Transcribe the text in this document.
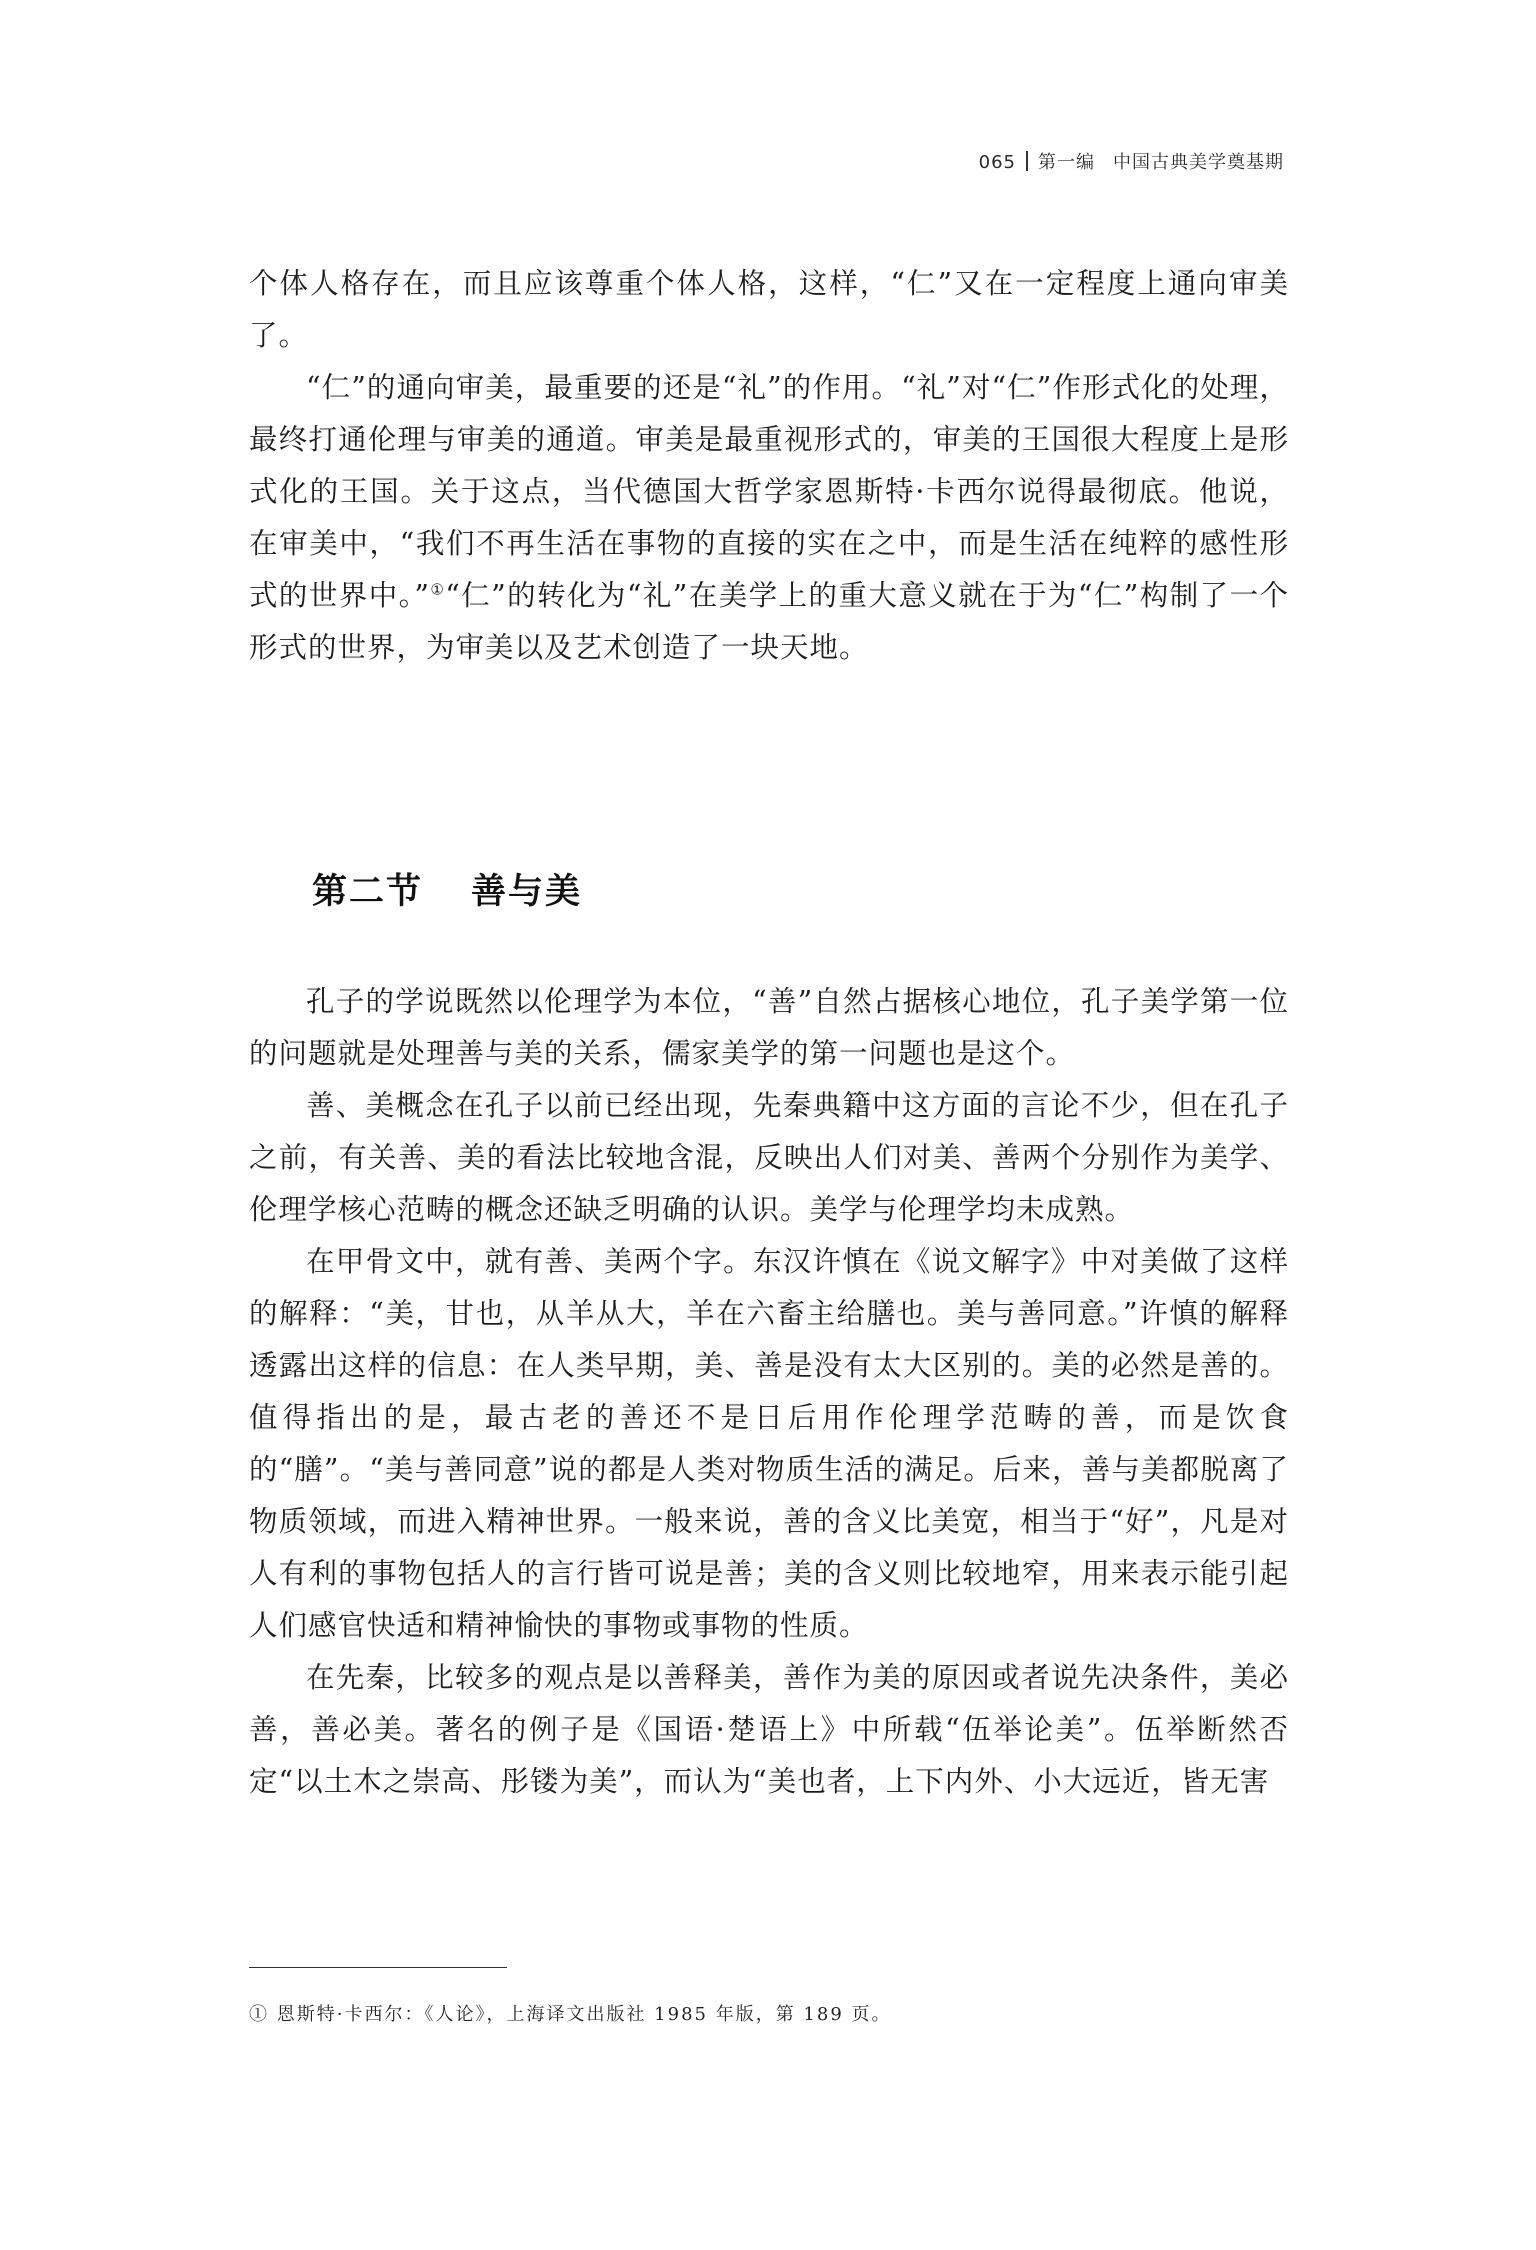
065 第一编 中国古典美学奠基期

个体人格存在，而且应该尊重个体人格，这样，“仁”又在一定程度上通向审美了。

“仁”的通向审美，最重要的还是“礼”的作用。“礼”对“仁”作形式化的处理，最终打通伦理与审美的通道。审美是最重视形式的，审美的王国很大程度上是形式化的王国。关于这点，当代德国大哲学家恩斯特·卡西尔说得最彻底。他说，在审美中，“我们不再生活在事物的直接的实在之中，而是生活在纯粹的感性形式的世界中。”①“仁”的转化为“礼”在美学上的重大意义就在于为“仁”构制了一个形式的世界，为审美以及艺术创造了一块天地。

第二节 善与美

孔子的学说既然以伦理学为本位，“善”自然占据核心地位，孔子美学第一位的问题就是处理善与美的关系，儒家美学的第一问题也是这个。

善、美概念在孔子以前已经出现，先秦典籍中这方面的言论不少，但在孔子之前，有关善、美的看法比较地含混，反映出人们对美、善两个分别作为美学、伦理学核心范畴的概念还缺乏明确的认识。美学与伦理学均未成熟。

在甲骨文中，就有善、美两个字。东汉许慎在《说文解字》中对美做了这样的解释：“美，甘也，从羊从大，羊在六畜主给膳也。美与善同意。”许慎的解释透露出这样的信息：在人类早期，美、善是没有太大区别的。美的必然是善的。值得指出的是，最古老的善还不是日后用作伦理学范畴的善，而是饮食的“膳”。“美与善同意”说的都是人类对物质生活的满足。后来，善与美都脱离了物质领域，而进入精神世界。一般来说，善的含义比美宽，相当于“好”，凡是对人有利的事物包括人的言行皆可说是善；美的含义则比较地窄，用来表示能引起人们感官快适和精神愉快的事物或事物的性质。

在先秦，比较多的观点是以善释美，善作为美的原因或者说先决条件，美必善，善必美。著名的例子是《国语·楚语上》中所载“伍举论美”。伍举断然否定“以土木之崇高、彤镂为美”，而认为“美也者，上下内外、小大远近，皆无害

① 恩斯特·卡西尔：《人论》，上海译文出版社 1985 年版，第 189 页。
